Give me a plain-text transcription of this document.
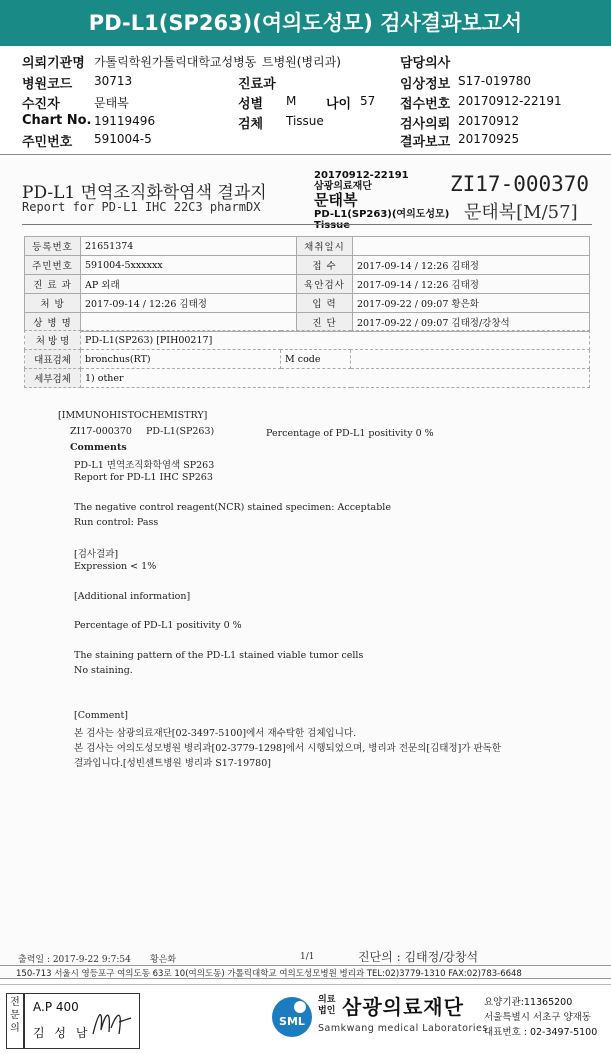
PD-L1(SP263)(여의도성모) 검사결과보고서
의뢰기관명 가톨릭학원가톨릭대학교성병동 트병원(병리과)	담당의사
병원코드 30713	진료과	임상정보 S17-019780
수진자	문태복	성별 M 나이 57 접수번호 20170912-22191
Chart No. 19119496	검체 Tissue	검사의뢰 20170912
주민번호 591004-5	결과보고 20170925
PD-L1 면역조직화학염색 결과지
Report for PD-L1 IHC 22C3 pharmDX
20170912-22191
삼광의료재단
문태복
PD-L1(SP263)(여의도성모)
Tissue
ZI17-000370
문태복[M/57]
등록번호	21651374	채취일시	
주민번호	591004-5xxxxxx	접 수	2017-09-14 / 12:26 김태정
진 료 과	AP 외래	육안검사	2017-09-14 / 12:26 김태정
처 방	2017-09-14 / 12:26 김태정	입 력	2017-09-22 / 09:07 황은화
상 병 명		진 단	2017-09-22 / 09:07 김태정/강창석
처 방 명	PD-L1(SP263) [PIH00217]		
대표검체	bronchus(RT)	M code	
세부검체	1) other		
[IMMUNOHISTOCHEMISTRY]
ZI17-000370 PD-L1(SP263)	Percentage of PD-L1 positivity 0 %
Comments
PD-L1 면역조직화학염색 SP263
Report for PD-L1 IHC SP263
The negative control reagent(NCR) stained specimen: Acceptable
Run control: Pass
[검사결과]
Expression < 1%
[Additional information]
Percentage of PD-L1 positivity 0 %
The staining pattern of the PD-L1 stained viable tumor cells
No staining.
[Comment]
본 검사는 삼광의료재단[02-3497-5100]에서 재수탁한 검체입니다.
본 검사는 여의도성모병원 병리과[02-3779-1298]에서 시행되었으며, 병리과 전문의[김태정]가 판독한
결과입니다.[성빈센트병원 병리과 S17-19780]
출력일 : 2017-9-22 9:7:54 황은화	1/1	진단의 : 김태정/강창석
150-713 서울시 영등포구 여의도동 63로 10(여의도동) 가톨릭대학교 여의도성모병원 병리과 TEL:02)3779-1310 FAX:02)783-6648
전문의
A.P 400
김 성 남
SML
의료
법인 삼광의료재단
Samkwang medical Laboratories
요양기관:11365200
서울특별시 서초구 양재동
대표번호 : 02-3497-5100
